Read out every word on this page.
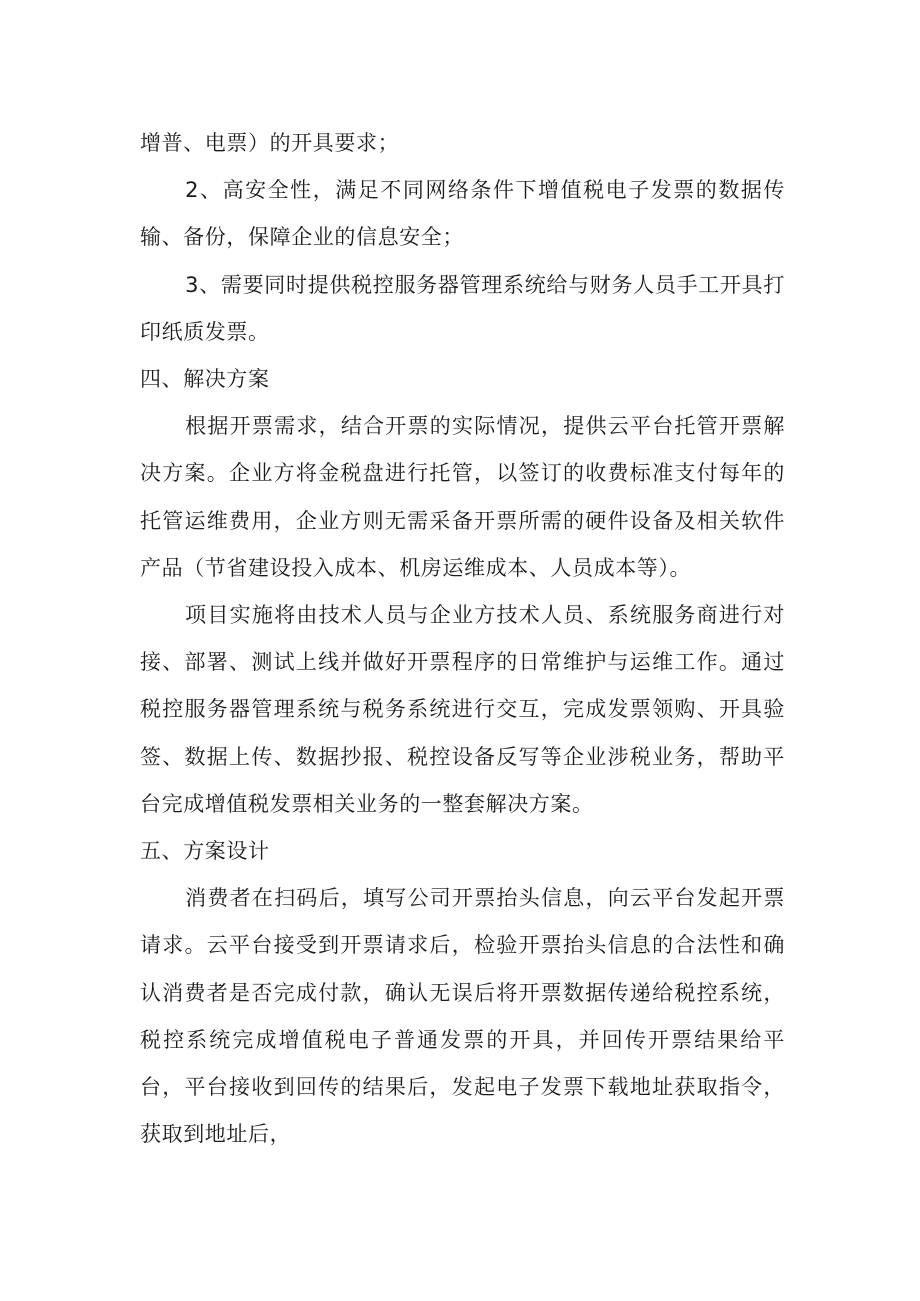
增普、电票）的开具要求；

2、高安全性，满足不同网络条件下增值税电子发票的数据传输、备份，保障企业的信息安全；

3、需要同时提供税控服务器管理系统给与财务人员手工开具打印纸质发票。

四、解决方案

根据开票需求，结合开票的实际情况，提供云平台托管开票解决方案。企业方将金税盘进行托管，以签订的收费标准支付每年的托管运维费用，企业方则无需采备开票所需的硬件设备及相关软件产品（节省建设投入成本、机房运维成本、人员成本等）。

项目实施将由技术人员与企业方技术人员、系统服务商进行对接、部署、测试上线并做好开票程序的日常维护与运维工作。通过税控服务器管理系统与税务系统进行交互，完成发票领购、开具验签、数据上传、数据抄报、税控设备反写等企业涉税业务，帮助平台完成增值税发票相关业务的一整套解决方案。

五、方案设计

消费者在扫码后，填写公司开票抬头信息，向云平台发起开票请求。云平台接受到开票请求后，检验开票抬头信息的合法性和确认消费者是否完成付款，确认无误后将开票数据传递给税控系统，税控系统完成增值税电子普通发票的开具，并回传开票结果给平台，平台接收到回传的结果后，发起电子发票下载地址获取指令，获取到地址后，
